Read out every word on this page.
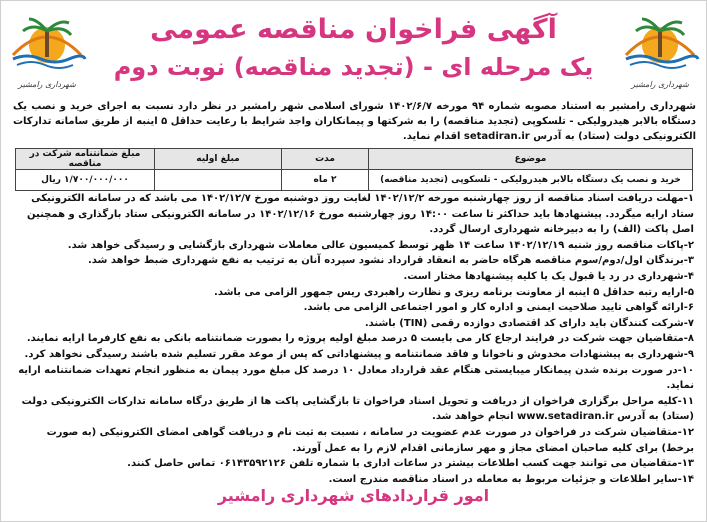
شهرداری رامشیر
شهرداری رامشیر
آگهی فراخوان مناقصه عمومی
یک مرحله ای - (تجدید مناقصه) نوبت دوم
شهرداری رامشیر به استناد مصوبه شماره ۹۴ مورخه ۱۴۰۲/۶/۷ شورای اسلامی شهر رامشیر در نظر دارد نسبت به اجرای خرید و نصب یک دستگاه بالابر هیدرولیکی - تلسکوپی (تجدید مناقصه) را به شرکتها و پیمانکاران واجد شرایط با رعایت حداقل ۵ اینبه از طریق سامانه تدارکات الکترونیکی دولت (ستاد) به آدرس setadiran.ir اقدام نماید.
موضوع	مدت	مبلغ اولیه	مبلغ ضمانتنامه شرکت در مناقصه
خرید و نصب یک دستگاه بالابر هیدرولیکی - تلسکوپی (تجدید مناقصه)	۲ ماه		۱/۷۰۰/۰۰۰/۰۰۰ ریال

۱-مهلت دریافت اسناد مناقصه از روز چهارشنبه مورخه ۱۴۰۲/۱۲/۲ لغایت روز دوشنبه مورخ ۱۴۰۲/۱۲/۷ می باشد که در سامانه الکترونیکی ستاد ارایه میگردد. پیشنهادها باید حداکثر تا ساعت ۱۴:۰۰ روز چهارشنبه مورخ ۱۴۰۲/۱۲/۱۶ در سامانه الکترونیکی ستاد بارگذاری و همچنین اصل پاکت (الف) را به دبیرخانه شهرداری ارسال گردد.

۲-پاکات مناقصه روز شنبه ۱۴۰۲/۱۲/۱۹ ساعت ۱۴ ظهر توسط کمیسیون عالی معاملات شهرداری بازگشایی و رسیدگی خواهد شد.

۳-برندگان اول/دوم/سوم مناقصه هرگاه حاضر به انعقاد قرارداد نشود سپرده آنان به ترتیب به نفع شهرداری ضبط خواهد شد.

۴-شهرداری در رد یا قبول یک یا کلیه پیشنهادها مختار است.

۵-ارایه رتبه حداقل ۵ اینبه از معاونت برنامه ریزی و نظارت راهبردی ریس جمهور الزامی می باشد.

۶-ارائه گواهی تایید صلاحیت ایمنی و اداره کار و امور اجتماعی الزامی می باشد.

۷-شرکت کنندگان باید دارای کد اقتصادی دوازده رقمی (TIN) باشند.

۸-متقاضیان جهت شرکت در فرایند ارجاع کار می بایست ۵ درصد مبلغ اولیه پروژه را بصورت ضمانتنامه بانکی به نفع کارفرما ارایه نمایند.

۹-شهرداری به پیشنهادات مخدوش و ناخوانا و فاقد ضمانتنامه و پیشنهاداتی که پس از موعد مقرر تسلیم شده باشند رسیدگی نخواهد کرد.

۱۰-در صورت برنده شدن پیمانکار میبایستی هنگام عقد قرارداد معادل ۱۰ درصد کل مبلغ مورد پیمان به منظور انجام تعهدات ضمانتنامه ارایه نماید.

۱۱-کلیه مراحل برگزاری فراخوان از دریافت و تحویل اسناد فراخوان تا بازگشایی پاکت ها از طریق درگاه سامانه تدارکات الکترونیکی دولت (ستاد) به آدرس www.setadiran.ir انجام خواهد شد.

۱۲-متقاضیان شرکت در فراخوان در صورت عدم عضویت در سامانه ، نسبت به ثبت نام و دریافت گواهی امضای الکترونیکی (به صورت برخط) برای کلیه صاحبان امضای مجاز و مهر سازمانی اقدام لازم را به عمل آورند.

۱۳-متقاضیان می توانند جهت کسب اطلاعات بیشتر در ساعات اداری با شماره تلفن ۰۶۱۴۳۵۹۲۱۲۶ تماس حاصل کنند.

۱۴-سایر اطلاعات و جزئیات مربوط به معامله در اسناد مناقصه مندرج است.

امور قراردادهای شهرداری رامشیر
